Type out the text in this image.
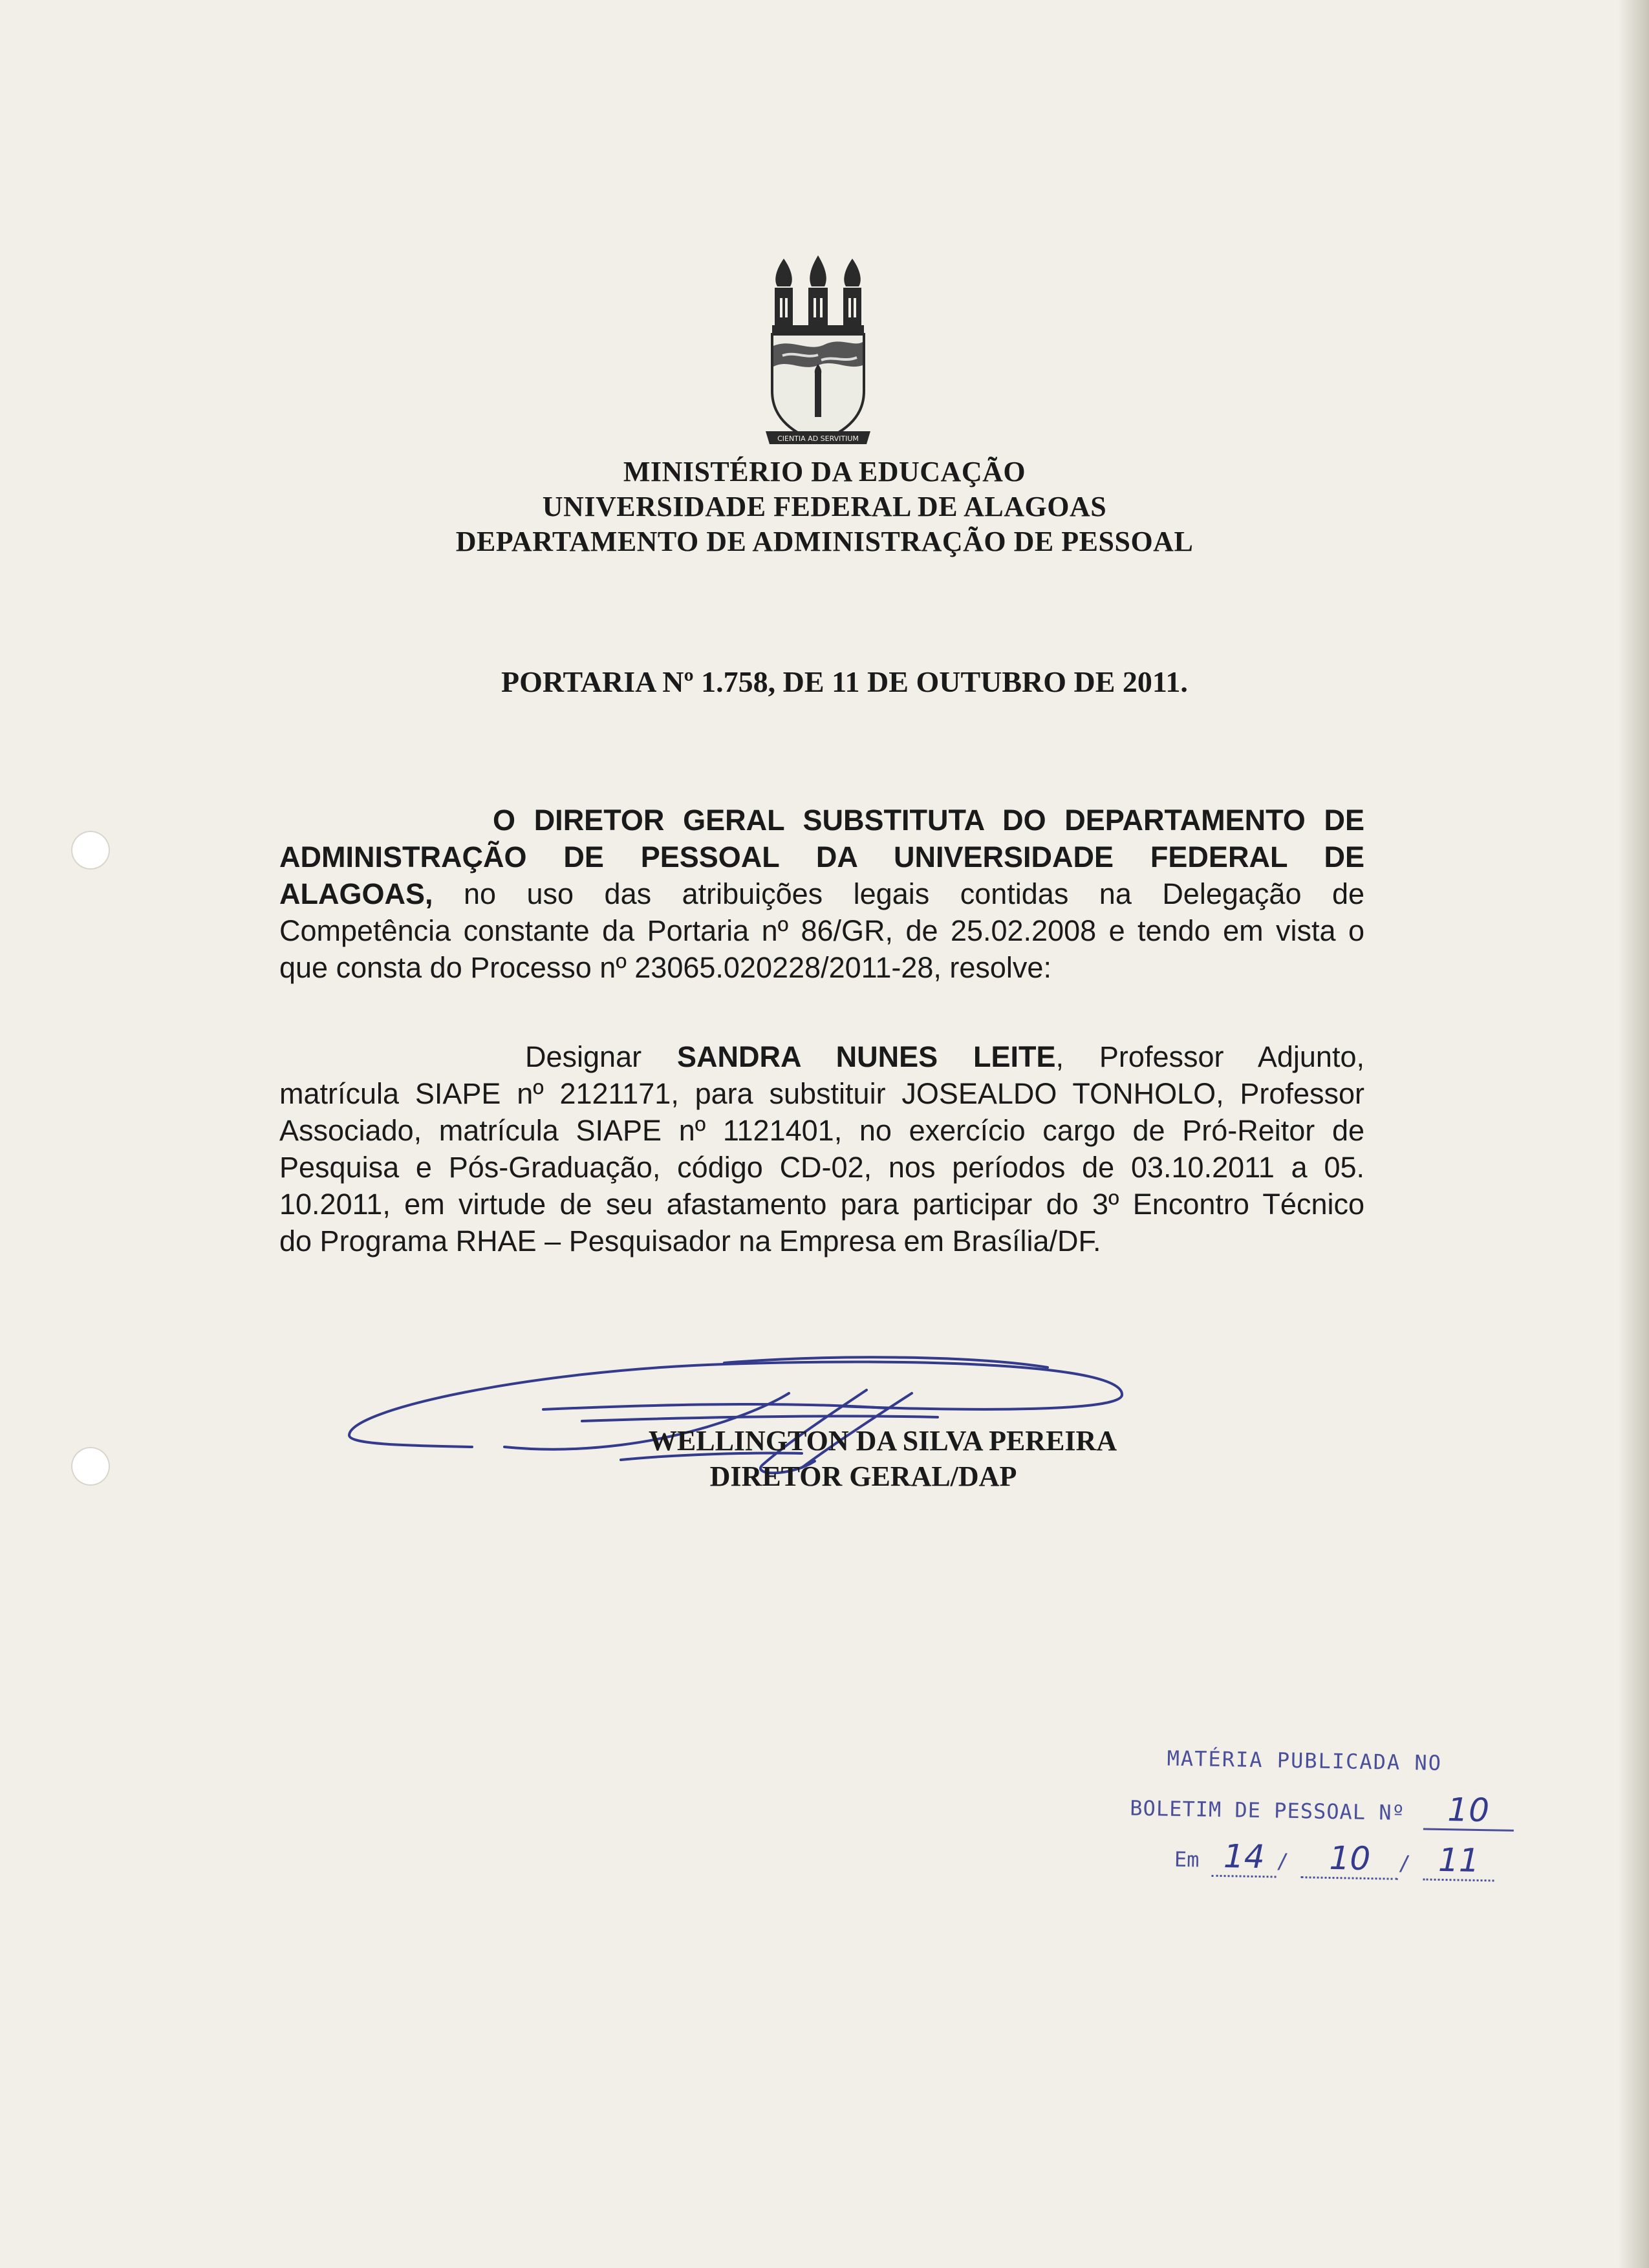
CIENTIA AD SERVITIUM
MINISTÉRIO DA EDUCAÇÃO
UNIVERSIDADE FEDERAL DE ALAGOAS
DEPARTAMENTO DE ADMINISTRAÇÃO DE PESSOAL
PORTARIA Nº 1.758, DE 11 DE OUTUBRO DE 2011.
O DIRETOR GERAL SUBSTITUTA DO DEPARTAMENTO DE
ADMINISTRAÇÃO DE PESSOAL DA UNIVERSIDADE FEDERAL DE
ALAGOAS, no uso das atribuições legais contidas na Delegação de
Competência constante da Portaria nº 86/GR, de 25.02.2008 e tendo em vista o
que consta do Processo nº 23065.020228/2011-28, resolve:
Designar SANDRA NUNES LEITE, Professor Adjunto,
matrícula SIAPE nº 2121171, para substituir JOSEALDO TONHOLO, Professor
Associado, matrícula SIAPE nº 1121401, no exercício cargo de Pró-Reitor de
Pesquisa e Pós-Graduação, código CD-02, nos períodos de 03.10.2011 a 05.
10.2011, em virtude de seu afastamento para participar do 3º Encontro Técnico
do Programa RHAE – Pesquisador na Empresa em Brasília/DF.
WELLINGTON DA SILVA PEREIRA
DIRETOR GERAL/DAP
MATÉRIA PUBLICADA NO
BOLETIM DE PESSOAL Nº 10
Em 14 / 10 / 11
